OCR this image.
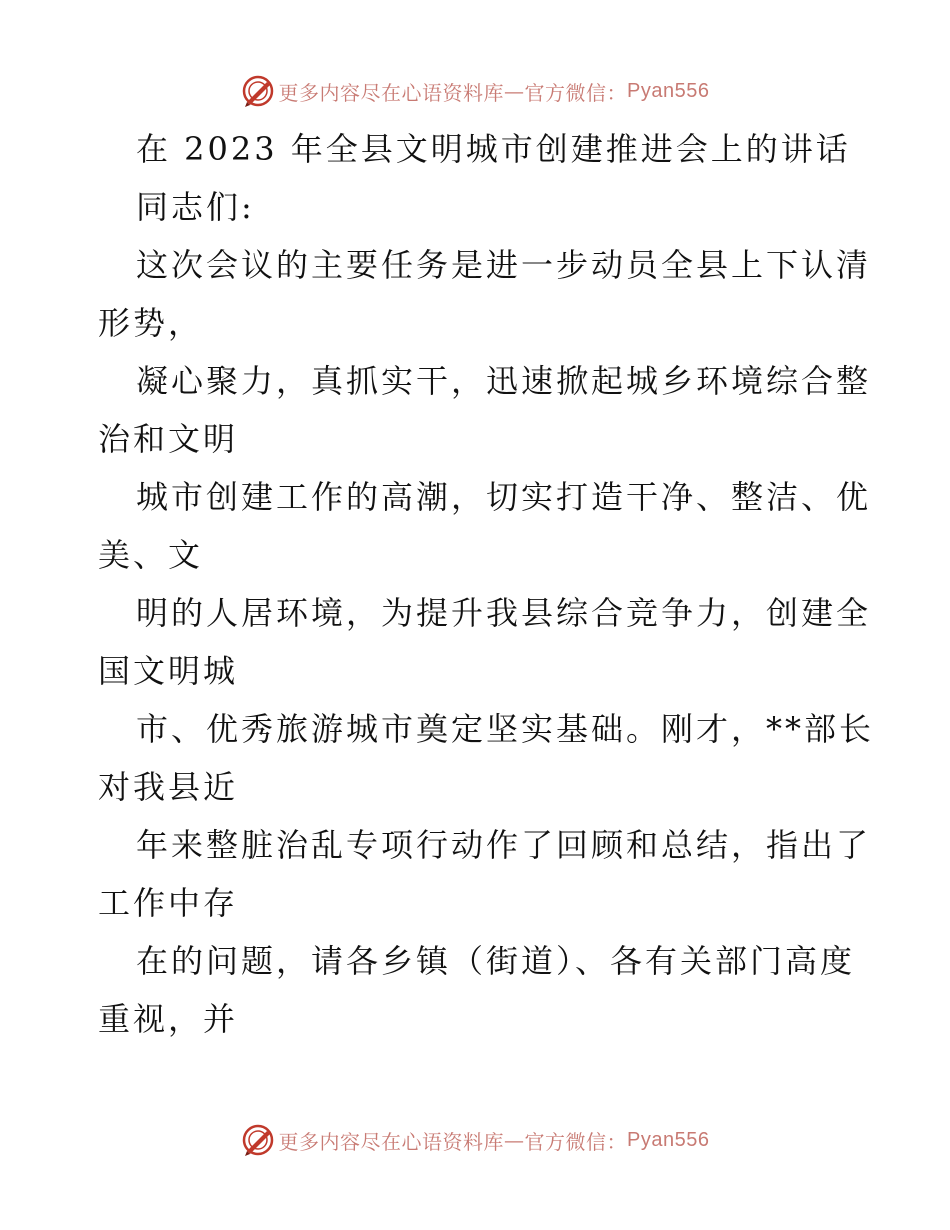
更多内容尽在心语资料库 — 官方微信： Pyan556
在 2023 年全县文明城市创建推进会上的讲话
同志们:
这次会议的主要任务是进一步动员全县上下认清
形势，
凝心聚力，真抓实干，迅速掀起城乡环境综合整
治和文明
城市创建工作的高潮，切实打造干净、整洁、优
美、文
明的人居环境，为提升我县综合竞争力，创建全
国文明城
市、优秀旅游城市奠定坚实基础。刚才，**部长
对我县近
年来整脏治乱专项行动作了回顾和总结，指出了
工作中存
在的问题，请各乡镇（街道）、各有关部门高度
重视，并
更多内容尽在心语资料库 — 官方微信： Pyan556
